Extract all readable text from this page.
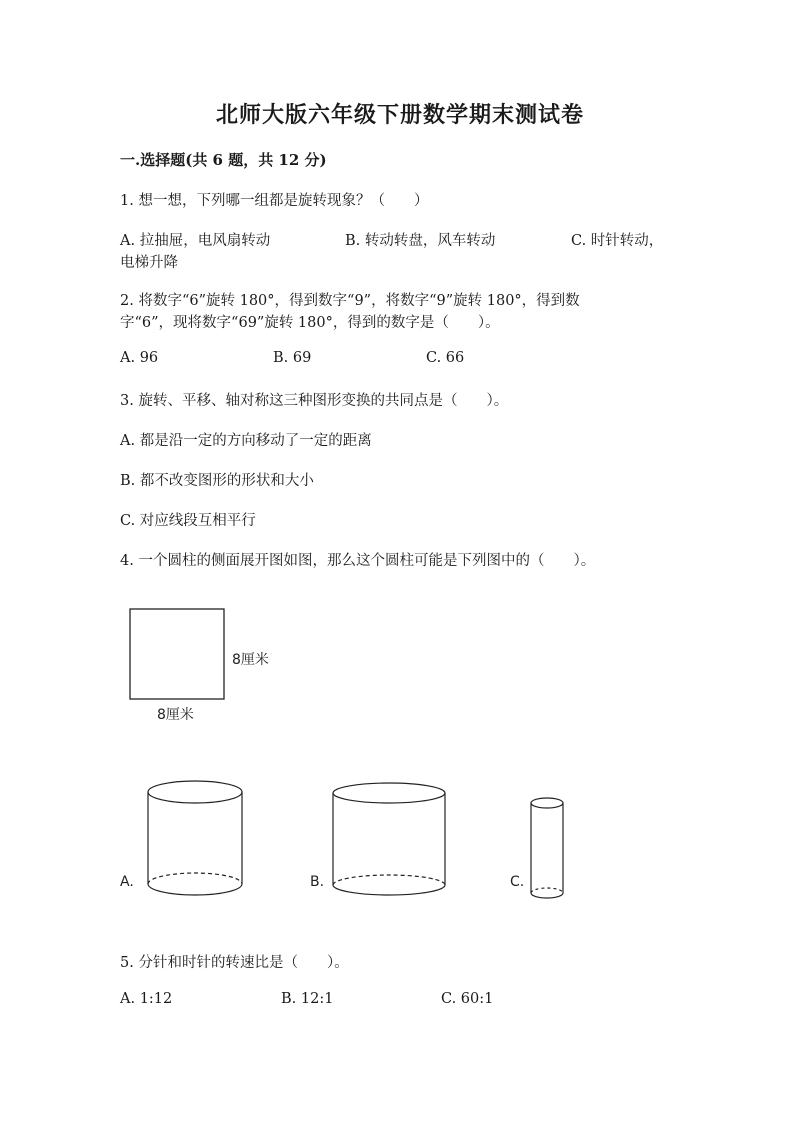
北师大版六年级下册数学期末测试卷
一.选择题(共 6 题，共 12 分)
1. 想一想，下列哪一组都是旋转现象？（　　）
A. 拉抽屉，电风扇转动	B. 转动转盘，风车转动	C. 时针转动，
电梯升降
2. 将数字“6”旋转 180°，得到数字“9”，将数字“9”旋转 180°，得到数
字“6”，现将数字“69”旋转 180°，得到的数字是（　　）。
A. 96	B. 69	C. 66
3. 旋转、平移、轴对称这三种图形变换的共同点是（　　）。
A. 都是沿一定的方向移动了一定的距离
B. 都不改变图形的形状和大小
C. 对应线段互相平行
4. 一个圆柱的侧面展开图如图，那么这个圆柱可能是下列图中的（　　）。
8厘米
8厘米
A.	B.	C.
5. 分针和时针的转速比是（　　）。
A. 1:12	B. 12:1	C. 60:1
